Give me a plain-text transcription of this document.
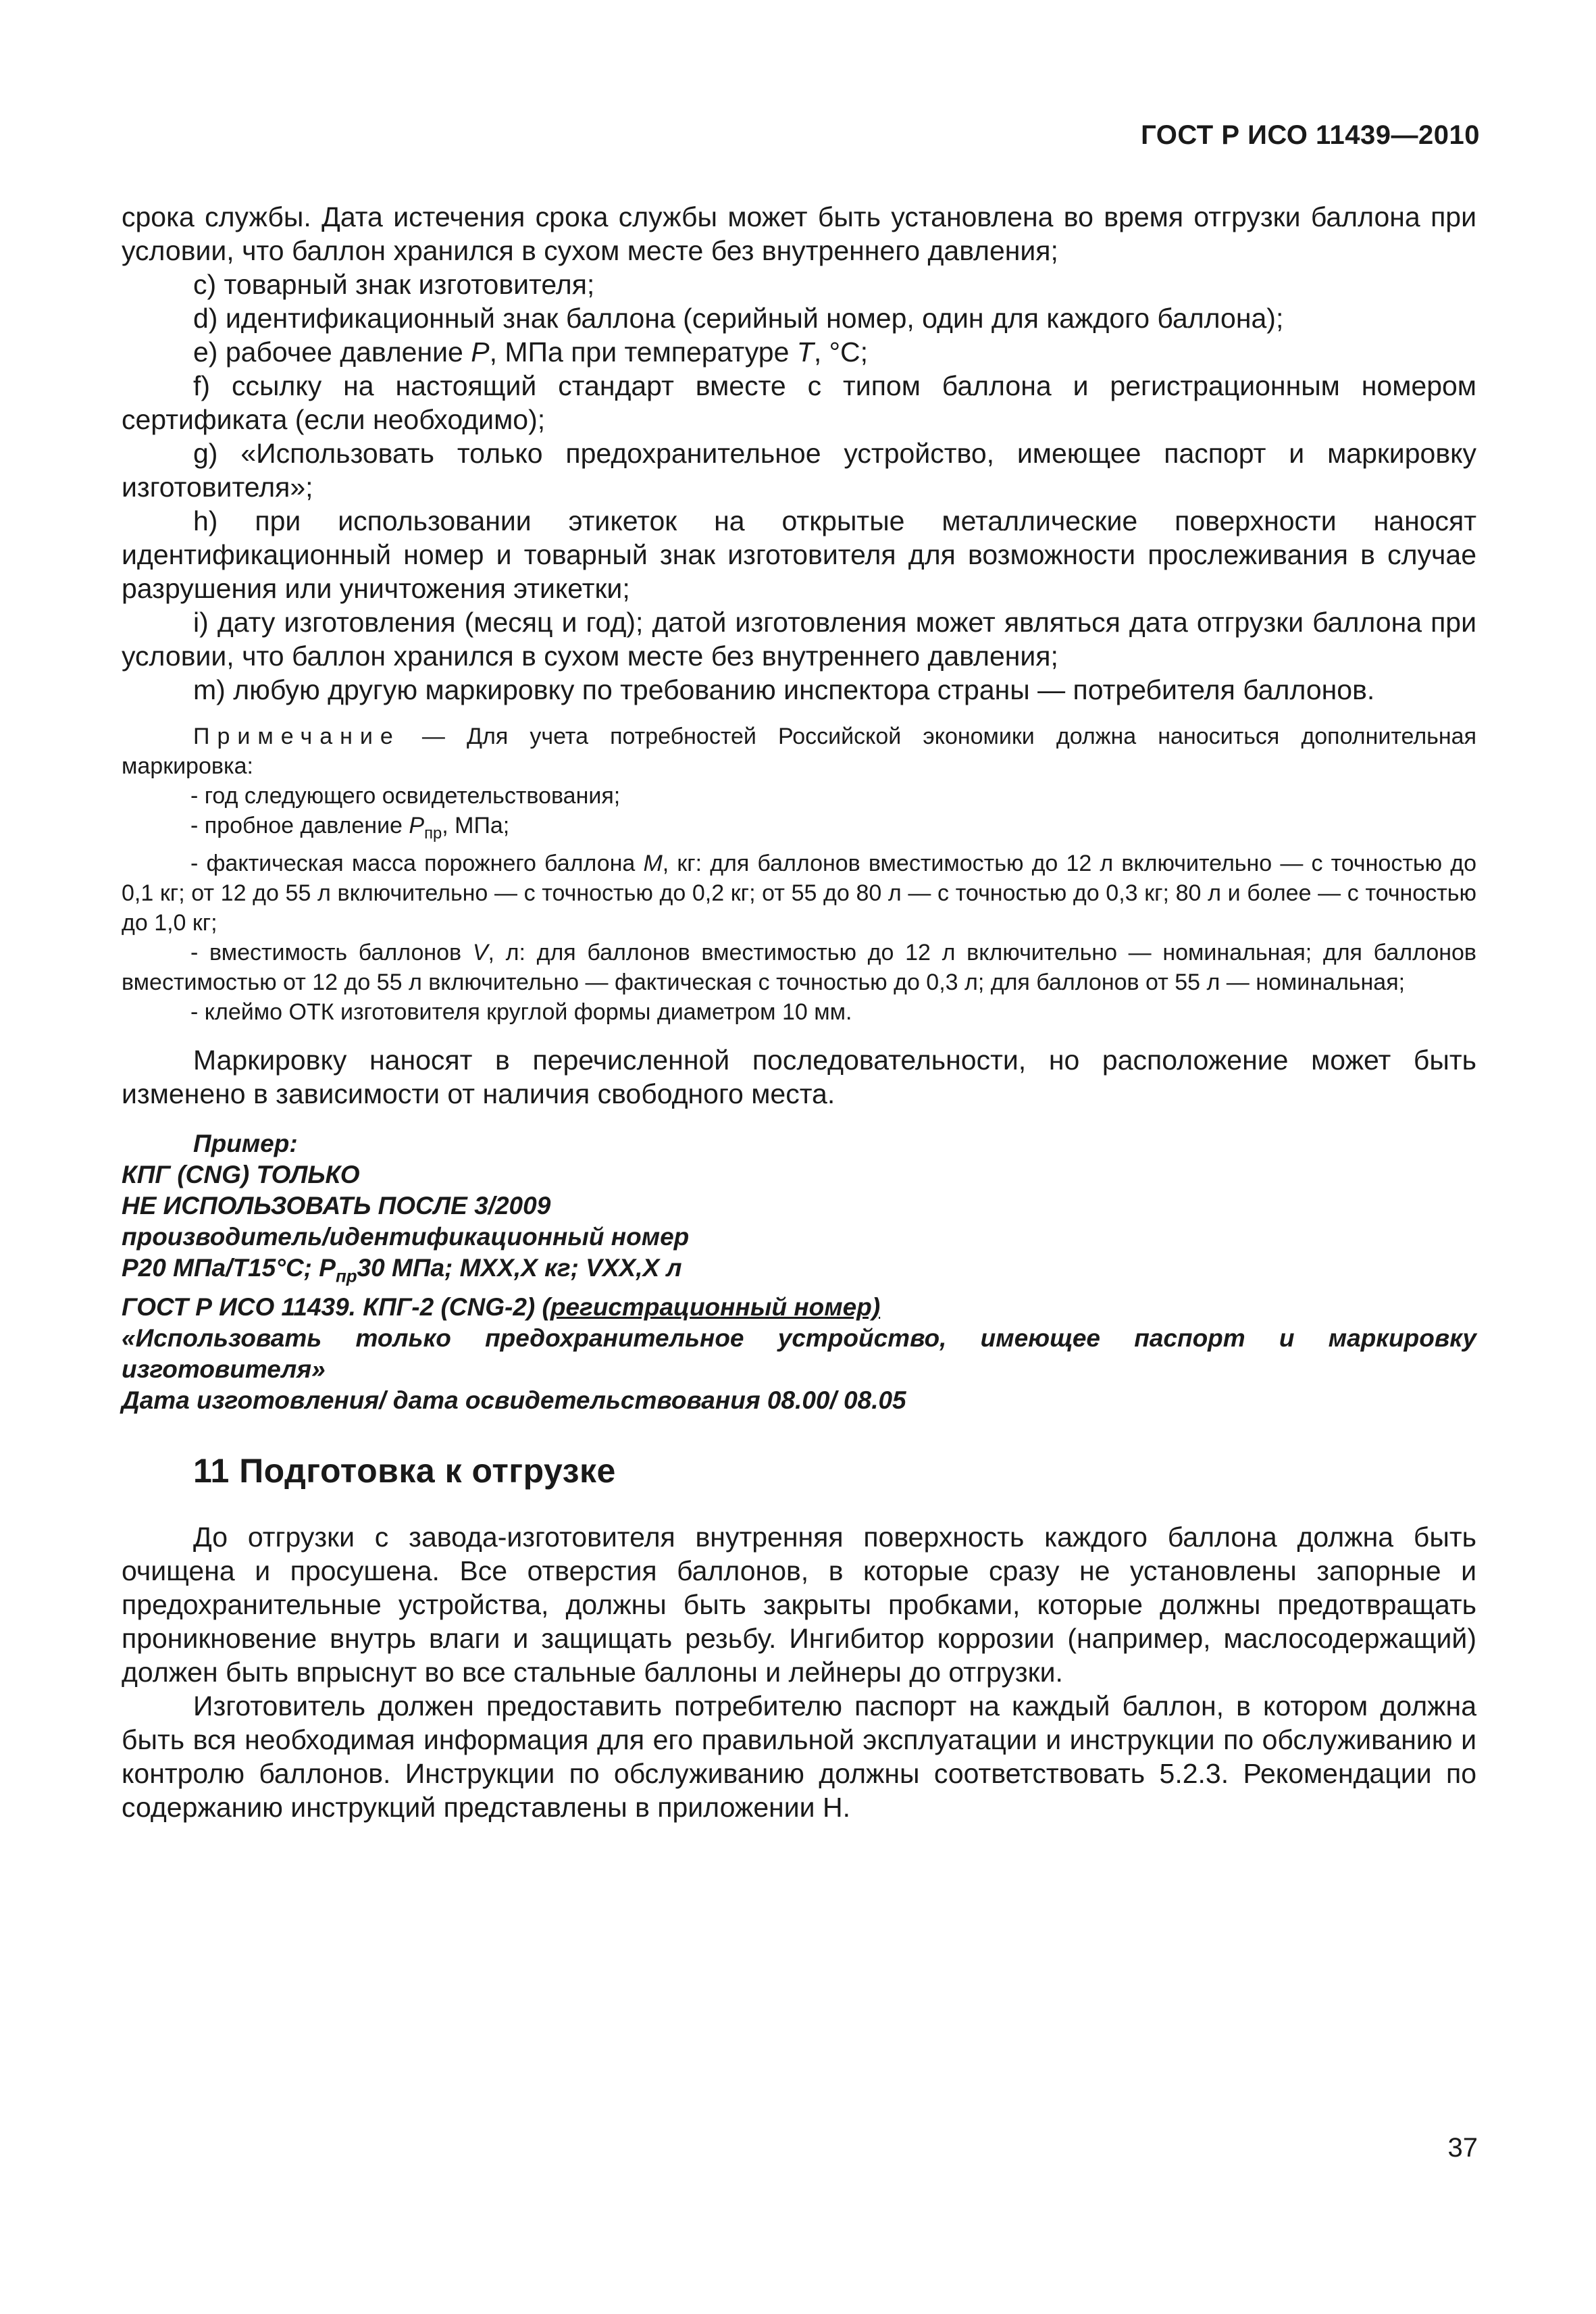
ГОСТ Р ИСО 11439—2010

срока службы. Дата истечения срока службы может быть установлена во время отгрузки баллона при условии, что баллон хранился в сухом месте без внутреннего давления;

c) товарный знак изготовителя;

d) идентификационный знак баллона (серийный номер, один для каждого баллона);

e) рабочее давление P, МПа при температуре T, °C;

f) ссылку на настоящий стандарт вместе с типом баллона и регистрационным номером сертификата (если необходимо);

g) «Использовать только предохранительное устройство, имеющее паспорт и маркировку изготовителя»;

h) при использовании этикеток на открытые металлические поверхности наносят идентификационный номер и товарный знак изготовителя для возможности прослеживания в случае разрушения или уничтожения этикетки;

i) дату изготовления (месяц и год); датой изготовления может являться дата отгрузки баллона при условии, что баллон хранился в сухом месте без внутреннего давления;

m) любую другую маркировку по требованию инспектора страны — потребителя баллонов.

Примечание — Для учета потребностей Российской экономики должна наноситься дополнительная маркировка:

- год следующего освидетельствования;

- пробное давление $P_{пр}$, МПа;

- фактическая масса порожнего баллона M, кг: для баллонов вместимостью до 12 л включительно — с точностью до 0,1 кг; от 12 до 55 л включительно — с точностью до 0,2 кг; от 55 до 80 л — с точностью до 0,3 кг; 80 л и более — с точностью до 1,0 кг;

- вместимость баллонов V, л: для баллонов вместимостью до 12 л включительно — номинальная; для баллонов вместимостью от 12 до 55 л включительно — фактическая с точностью до 0,3 л; для баллонов от 55 л — номинальная;

- клеймо ОТК изготовителя круглой формы диаметром 10 мм.

Маркировку наносят в перечисленной последовательности, но расположение может быть изменено в зависимости от наличия свободного места.

Пример:

КПГ (CNG) ТОЛЬКО

НЕ ИСПОЛЬЗОВАТЬ ПОСЛЕ 3/2009

производитель/идентификационный номер

P20 МПа/T15°C; $P_{пр}30$ МПа; MXX,X кг; VXX,X л

ГОСТ Р ИСО 11439. КПГ-2 (CNG-2) (регистрационный номер)

«Использовать только предохранительное устройство, имеющее паспорт и маркировку изготовителя»

Дата изготовления/ дата освидетельствования 08.00/ 08.05

11 Подготовка к отгрузке

До отгрузки с завода-изготовителя внутренняя поверхность каждого баллона должна быть очищена и просушена. Все отверстия баллонов, в которые сразу не установлены запорные и предохранительные устройства, должны быть закрыты пробками, которые должны предотвращать проникновение внутрь влаги и защищать резьбу. Ингибитор коррозии (например, маслосодержащий) должен быть впрыснут во все стальные баллоны и лейнеры до отгрузки.

Изготовитель должен предоставить потребителю паспорт на каждый баллон, в котором должна быть вся необходимая информация для его правильной эксплуатации и инструкции по обслуживанию и контролю баллонов. Инструкции по обслуживанию должны соответствовать 5.2.3. Рекомендации по содержанию инструкций представлены в приложении Н.

37
